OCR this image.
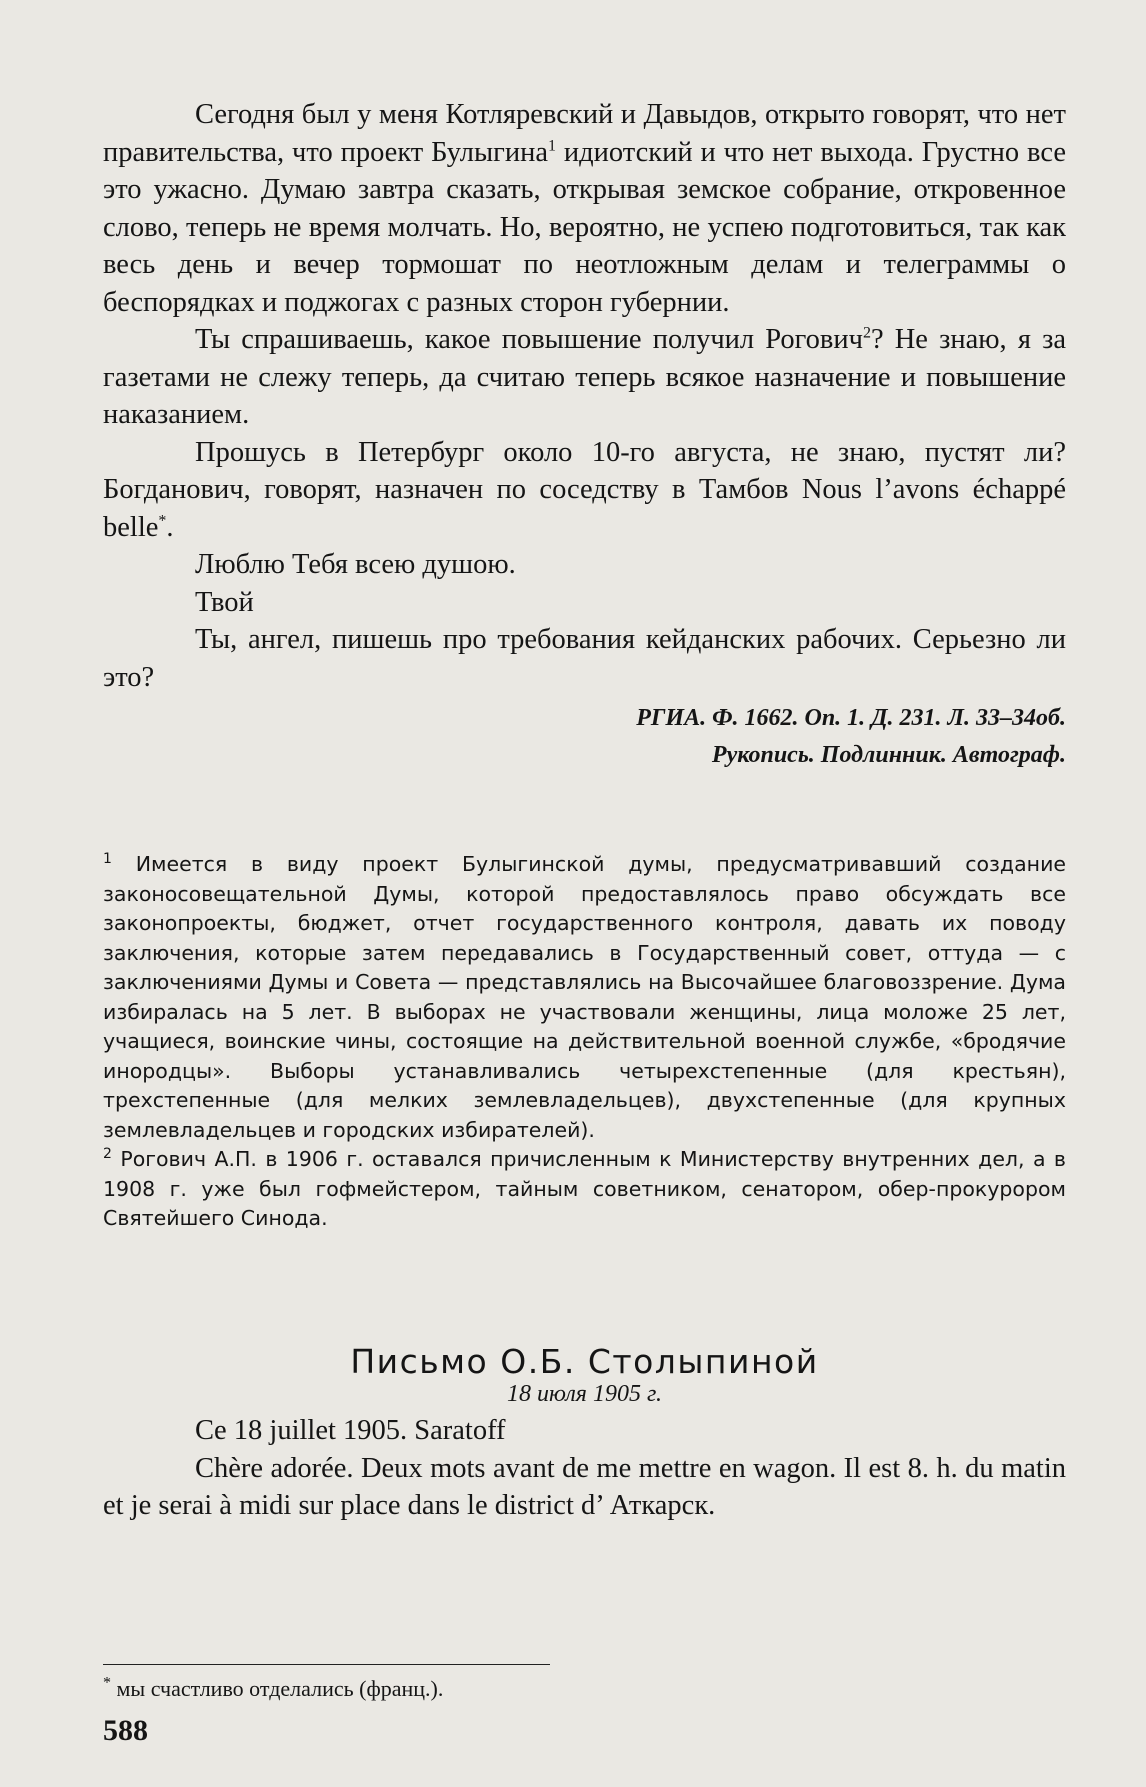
Сегодня был у меня Котляревский и Давыдов, открыто говорят, что нет правительства, что проект Булыгина$^1$ идиотский и что нет выхода. Грустно все это ужасно. Думаю завтра сказать, открывая земское собрание, откровенное слово, теперь не время молчать. Но, вероятно, не успею подготовиться, так как весь день и вечер тормошат по неотложным делам и телеграммы о беспорядках и поджогах с разных сторон губернии.

Ты спрашиваешь, какое повышение получил Рогович$^2$? Не знаю, я за газетами не слежу теперь, да считаю теперь всякое назначение и повышение наказанием.

Прошусь в Петербург около 10-го августа, не знаю, пустят ли? Богданович, говорят, назначен по соседству в Тамбов Nous l’avons échappé belle*.

Люблю Тебя всею душою.

Твой

Ты, ангел, пишешь про требования кейданских рабочих. Серьезно ли это?

РГИА. Ф. 1662. Оп. 1. Д. 231. Л. 33–34об.

Рукопись. Подлинник. Автограф.

$^1$ Имеется в виду проект Булыгинской думы, предусматривавший создание законосовещательной Думы, которой предоставлялось право обсуждать все законопроекты, бюджет, отчет государственного контроля, давать их поводу заключения, которые затем передавались в Государственный совет, оттуда — с заключениями Думы и Совета — представлялись на Высочайшее благовоззрение. Дума избиралась на 5 лет. В выборах не участвовали женщины, лица моложе 25 лет, учащиеся, воинские чины, состоящие на действительной военной службе, «бродячие инородцы». Выборы устанавливались четырехстепенные (для крестьян), трехстепенные (для мелких землевладельцев), двухстепенные (для крупных землевладельцев и городских избирателей).

$^2$ Рогович А.П. в 1906 г. оставался причисленным к Министерству внутренних дел, а в 1908 г. уже был гофмейстером, тайным советником, сенатором, обер-прокурором Святейшего Синода.

Письмо О.Б. Столыпиной

18 июля 1905 г.

Ce 18 juillet 1905. Saratoff

Chère adorée. Deux mots avant de me mettre en wagon. Il est 8. h. du matin et je serai à midi sur place dans le district d’ Аткарск.

* мы счастливо отделались (франц.).
588
